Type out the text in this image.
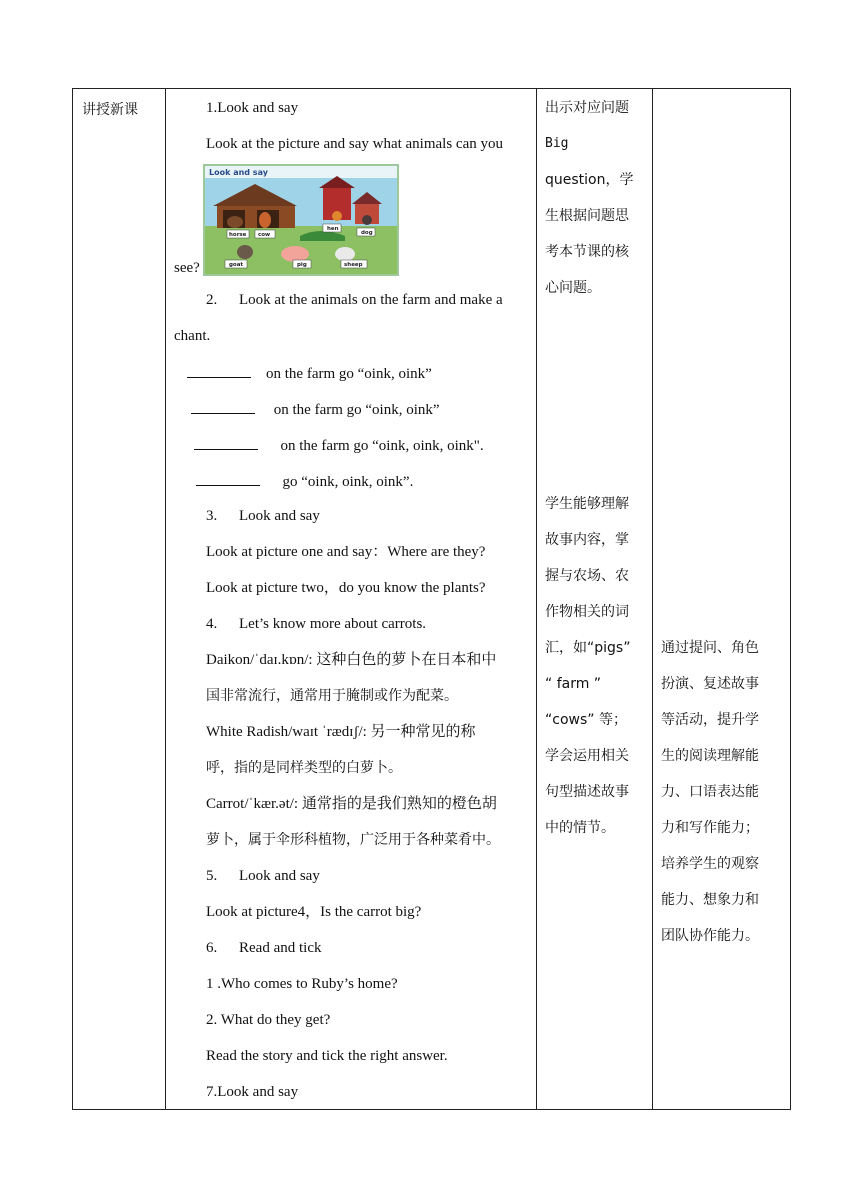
讲授新课	1.Look and say
Look at the picture and say what animals can you
Look and say
horse cow
hen
dog
goat	pig	sheep
see?
2. Look at the animals on the farm and make a
chant.
on the farm go “oink, oink”
on the farm go “oink, oink”
on the farm go “oink, oink, oink".
go “oink, oink, oink”.
3. Look and say
Look at picture one and say：Where are they?
Look at picture two，do you know the plants?
4. Let’s know more about carrots.
Daikon/ˈdaɪ.kɒn/: 这种白色的萝卜在日本和中
国非常流行，通常用于腌制或作为配菜。
White Radish/waɪt ˈrædɪʃ/: 另一种常见的称
呼，指的是同样类型的白萝卜。
Carrot/ˈkær.ət/: 通常指的是我们熟知的橙色胡
萝卜，属于伞形科植物，广泛用于各种菜肴中。
5. Look and say
Look at picture4，Is the carrot big?
6. Read and tick
1 .Who comes to Ruby’s home?
2. What do they get?
Read the story and tick the right answer.
7.Look and say

出示对应问题
Big
question，学
生根据问题思
考本节课的核
心问题。
学生能够理解
故事内容，掌
握与农场、农
作物相关的词
汇，如“pigs”
“ farm ”
“cows” 等；
学会运用相关
句型描述故事
中的情节。

通过提问、角色
扮演、复述故事
等活动，提升学
生的阅读理解能
力、口语表达能
力和写作能力；
培养学生的观察
能力、想象力和
团队协作能力。
